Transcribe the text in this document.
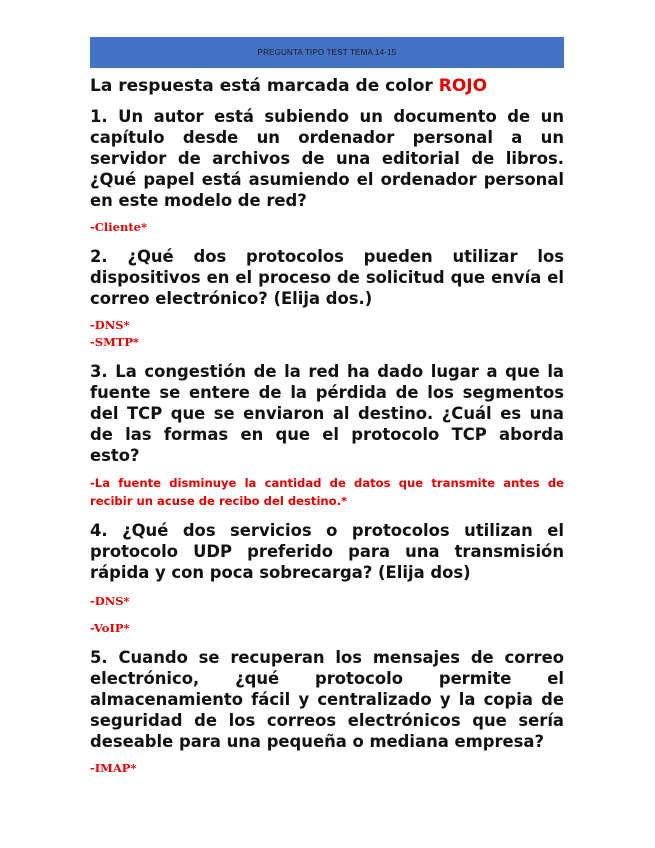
PREGUNTA TIPO TEST TEMA 14-15

La respuesta está marcada de color ROJO

1. Un autor está subiendo un documento de un capítulo desde un ordenador personal a un servidor de archivos de una editorial de libros. ¿Qué papel está asumiendo el ordenador personal en este modelo de red?

-Cliente*

2. ¿Qué dos protocolos pueden utilizar los dispositivos en el proceso de solicitud que envía el correo electrónico? (Elija dos.)

-DNS*

-SMTP*

3. La congestión de la red ha dado lugar a que la fuente se entere de la pérdida de los segmentos del TCP que se enviaron al destino. ¿Cuál es una de las formas en que el protocolo TCP aborda esto?

-La fuente disminuye la cantidad de datos que transmite antes de recibir un acuse de recibo del destino.*

4. ¿Qué dos servicios o protocolos utilizan el protocolo UDP preferido para una transmisión rápida y con poca sobrecarga? (Elija dos)

-DNS*

-VoIP*

5. Cuando se recuperan los mensajes de correo electrónico, ¿qué protocolo permite el almacenamiento fácil y centralizado y la copia de seguridad de los correos electrónicos que sería deseable para una pequeña o mediana empresa?

-IMAP*
